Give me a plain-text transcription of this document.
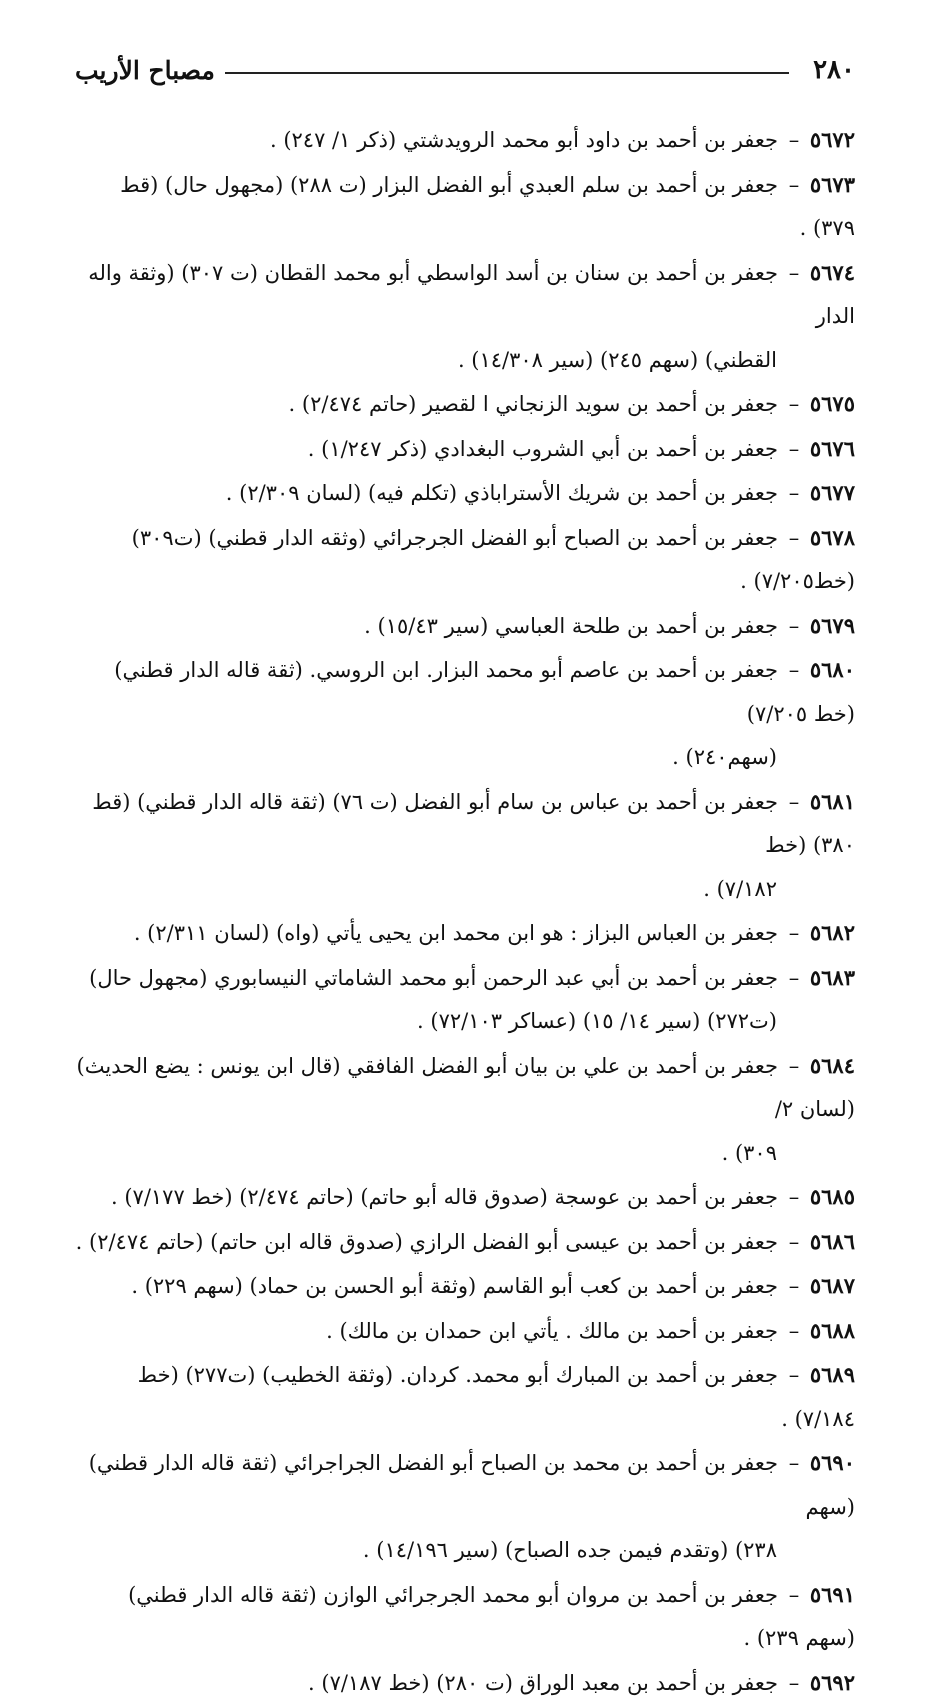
٢٨٠
مصباح الأريب
٥٦٧٢ – جعفر بن أحمد بن داود أبو محمد الرويدشتي (ذكر ١/ ٢٤٧) .
٥٦٧٣ – جعفر بن أحمد بن سلم العبدي أبو الفضل البزار (ت ٢٨٨) (مجهول حال) (قط ٣٧٩) .
٥٦٧٤ – جعفر بن أحمد بن سنان بن أسد الواسطي أبو محمد القطان (ت ٣٠٧) (وثقة واله الدار
القطني) (سهم ٢٤٥) (سير ١٤/٣٠٨) .
٥٦٧٥ – جعفر بن أحمد بن سويد الزنجاني ا لقصير (حاتم ٢/٤٧٤) .
٥٦٧٦ – جعفر بن أحمد بن أبي الشروب البغدادي (ذكر ١/٢٤٧) .
٥٦٧٧ – جعفر بن أحمد بن شريك الأستراباذي (تكلم فيه) (لسان ٢/٣٠٩) .
٥٦٧٨ – جعفر بن أحمد بن الصباح أبو الفضل الجرجرائي (وثقه الدار قطني) (ت٣٠٩) (خط٧/٢٠٥) .
٥٦٧٩ – جعفر بن أحمد بن طلحة العباسي (سير ١٥/٤٣) .
٥٦٨٠ – جعفر بن أحمد بن عاصم أبو محمد البزار. ابن الروسي. (ثقة قاله الدار قطني) (خط ٧/٢٠٥)
(سهم٢٤٠) .
٥٦٨١ – جعفر بن أحمد بن عباس بن سام أبو الفضل (ت ٧٦) (ثقة قاله الدار قطني) (قط ٣٨٠) (خط
٧/١٨٢) .
٥٦٨٢ – جعفر بن العباس البزاز : هو ابن محمد ابن يحيى يأتي (واه) (لسان ٢/٣١١) .
٥٦٨٣ – جعفر بن أحمد بن أبي عبد الرحمن أبو محمد الشاماتي النيسابوري (مجهول حال)
(ت٢٧٢) (سير ١٤/ ١٥) (عساكر ٧٢/١٠٣) .
٥٦٨٤ – جعفر بن أحمد بن علي بن بيان أبو الفضل الفافقي (قال ابن يونس : يضع الحديث) (لسان ٢/
٣٠٩) .
٥٦٨٥ – جعفر بن أحمد بن عوسجة (صدوق قاله أبو حاتم) (حاتم ٢/٤٧٤) (خط ٧/١٧٧) .
٥٦٨٦ – جعفر بن أحمد بن عيسى أبو الفضل الرازي (صدوق قاله ابن حاتم) (حاتم ٢/٤٧٤) .
٥٦٨٧ – جعفر بن أحمد بن كعب أبو القاسم (وثقة أبو الحسن بن حماد) (سهم ٢٢٩) .
٥٦٨٨ – جعفر بن أحمد بن مالك . يأتي ابن حمدان بن مالك) .
٥٦٨٩ – جعفر بن أحمد بن المبارك أبو محمد. كردان. (وثقة الخطيب) (ت٢٧٧) (خط ٧/١٨٤) .
٥٦٩٠ – جعفر بن أحمد بن محمد بن الصباح أبو الفضل الجراجرائي (ثقة قاله الدار قطني) (سهم
٢٣٨) (وتقدم فيمن جده الصباح) (سير ١٤/١٩٦) .
٥٦٩١ – جعفر بن أحمد بن مروان أبو محمد الجرجرائي الوازن (ثقة قاله الدار قطني) (سهم ٢٣٩) .
٥٦٩٢ – جعفر بن أحمد بن معبد الوراق (ت ٢٨٠) (خط ٧/١٨٧) .
